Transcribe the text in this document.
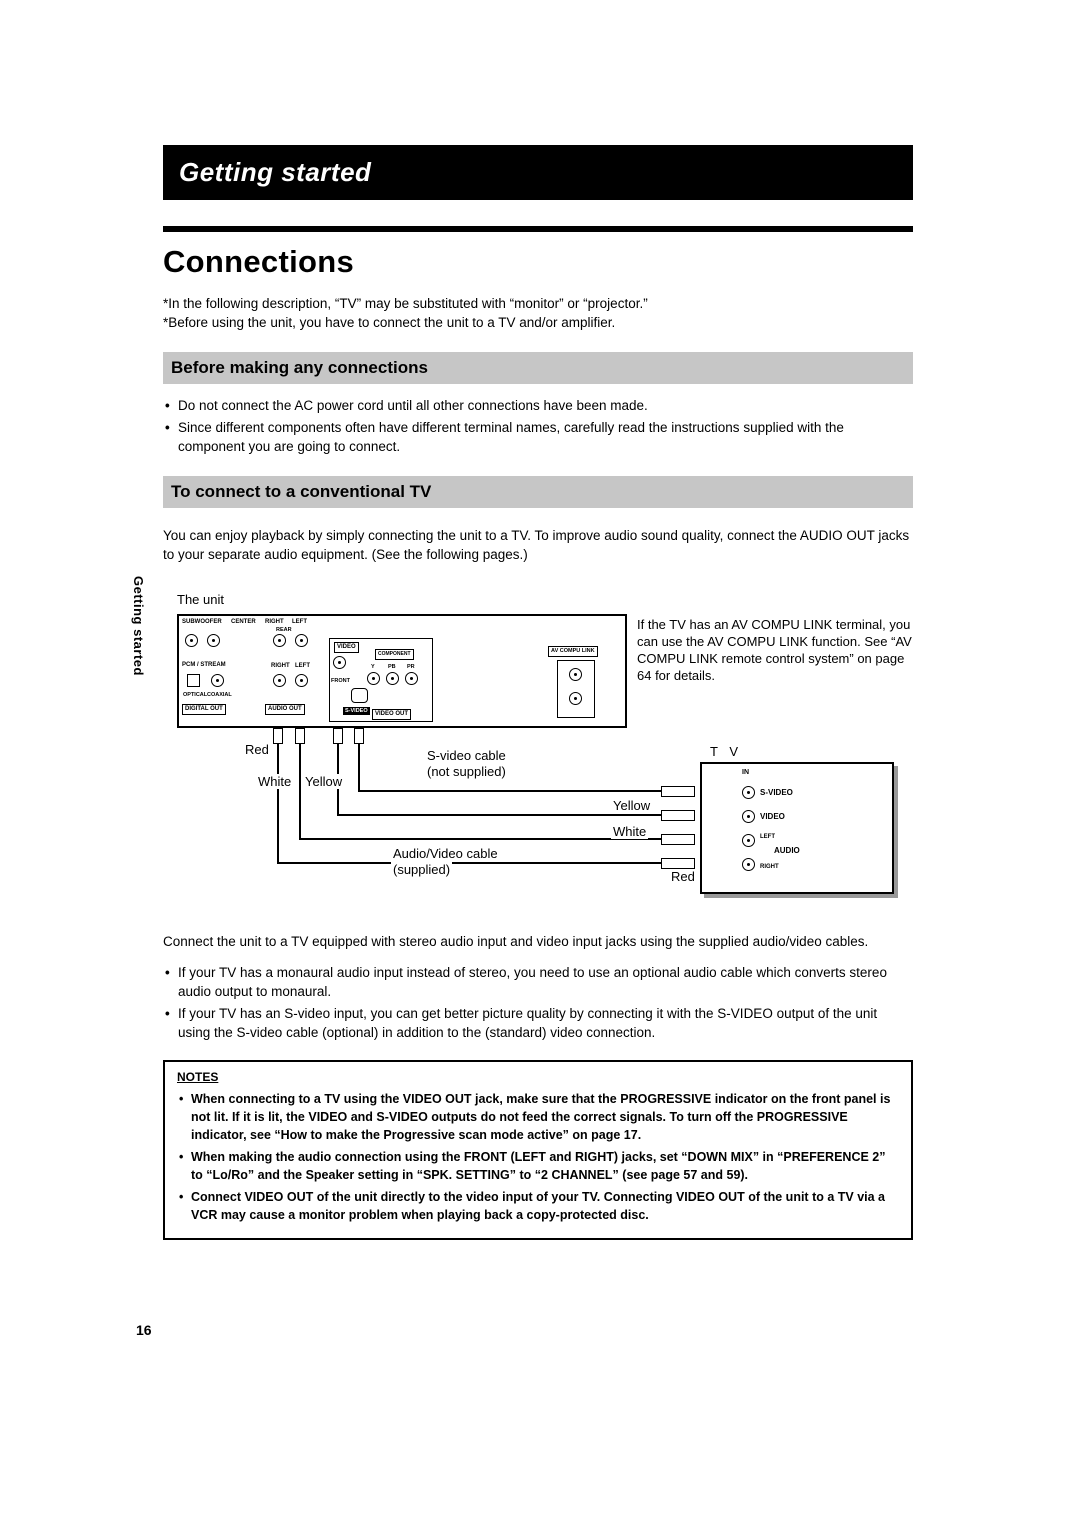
Getting started
Getting started
Connections

*In the following description, “TV” may be substituted with “monitor” or “projector.”

*Before using the unit, you have to connect the unit to a TV and/or amplifier.

Before making any connections
• Do not connect the AC power cord until all other connections have been made.
• Since different components often have different terminal names, carefully read the instructions supplied with the component you are going to connect.
To connect to a conventional TV

You can enjoy playback by simply connecting the unit to a TV. To improve audio sound quality, connect the AUDIO OUT jacks to your separate audio equipment. (See the following pages.)

The unit
SUBWOOFER CENTER RIGHT LEFT
REAR
PCM / STREAM	RIGHT LEFT
OPTICAL COAXIAL
DIGITAL OUT	AUDIO OUT
VIDEO
COMPONENT
Y PB PR
FRONT
S-VIDEO	VIDEO OUT
AV COMPU LINK
If the TV has an AV COMPU LINK terminal, you can use the AV COMPU LINK function. See “AV COMPU LINK remote control system” on page 64 for details.
Red
White Yellow
S-video cable
(not supplied)
Audio/Video cable
(supplied)
Yellow
White
Red
T V
IN
S-VIDEO
VIDEO
LEFT
AUDIO
RIGHT

Connect the unit to a TV equipped with stereo audio input and video input jacks using the supplied audio/video cables.

• If your TV has a monaural audio input instead of stereo, you need to use an optional audio cable which converts stereo audio output to monaural.
• If your TV has an S-video input, you can get better picture quality by connecting it with the S-VIDEO output of the unit using the S-video cable (optional) in addition to the (standard) video connection.
NOTES
• When connecting to a TV using the VIDEO OUT jack, make sure that the PROGRESSIVE indicator on the front panel is not lit. If it is lit, the VIDEO and S-VIDEO outputs do not feed the correct signals. To turn off the PROGRESSIVE indicator, see “How to make the Progressive scan mode active” on page 17.
• When making the audio connection using the FRONT (LEFT and RIGHT) jacks, set “DOWN MIX” in “PREFERENCE 2” to “Lo/Ro” and the Speaker setting in “SPK. SETTING” to “2 CHANNEL” (see page 57 and 59).
• Connect VIDEO OUT of the unit directly to the video input of your TV. Connecting VIDEO OUT of the unit to a TV via a VCR may cause a monitor problem when playing back a copy-protected disc.
16
